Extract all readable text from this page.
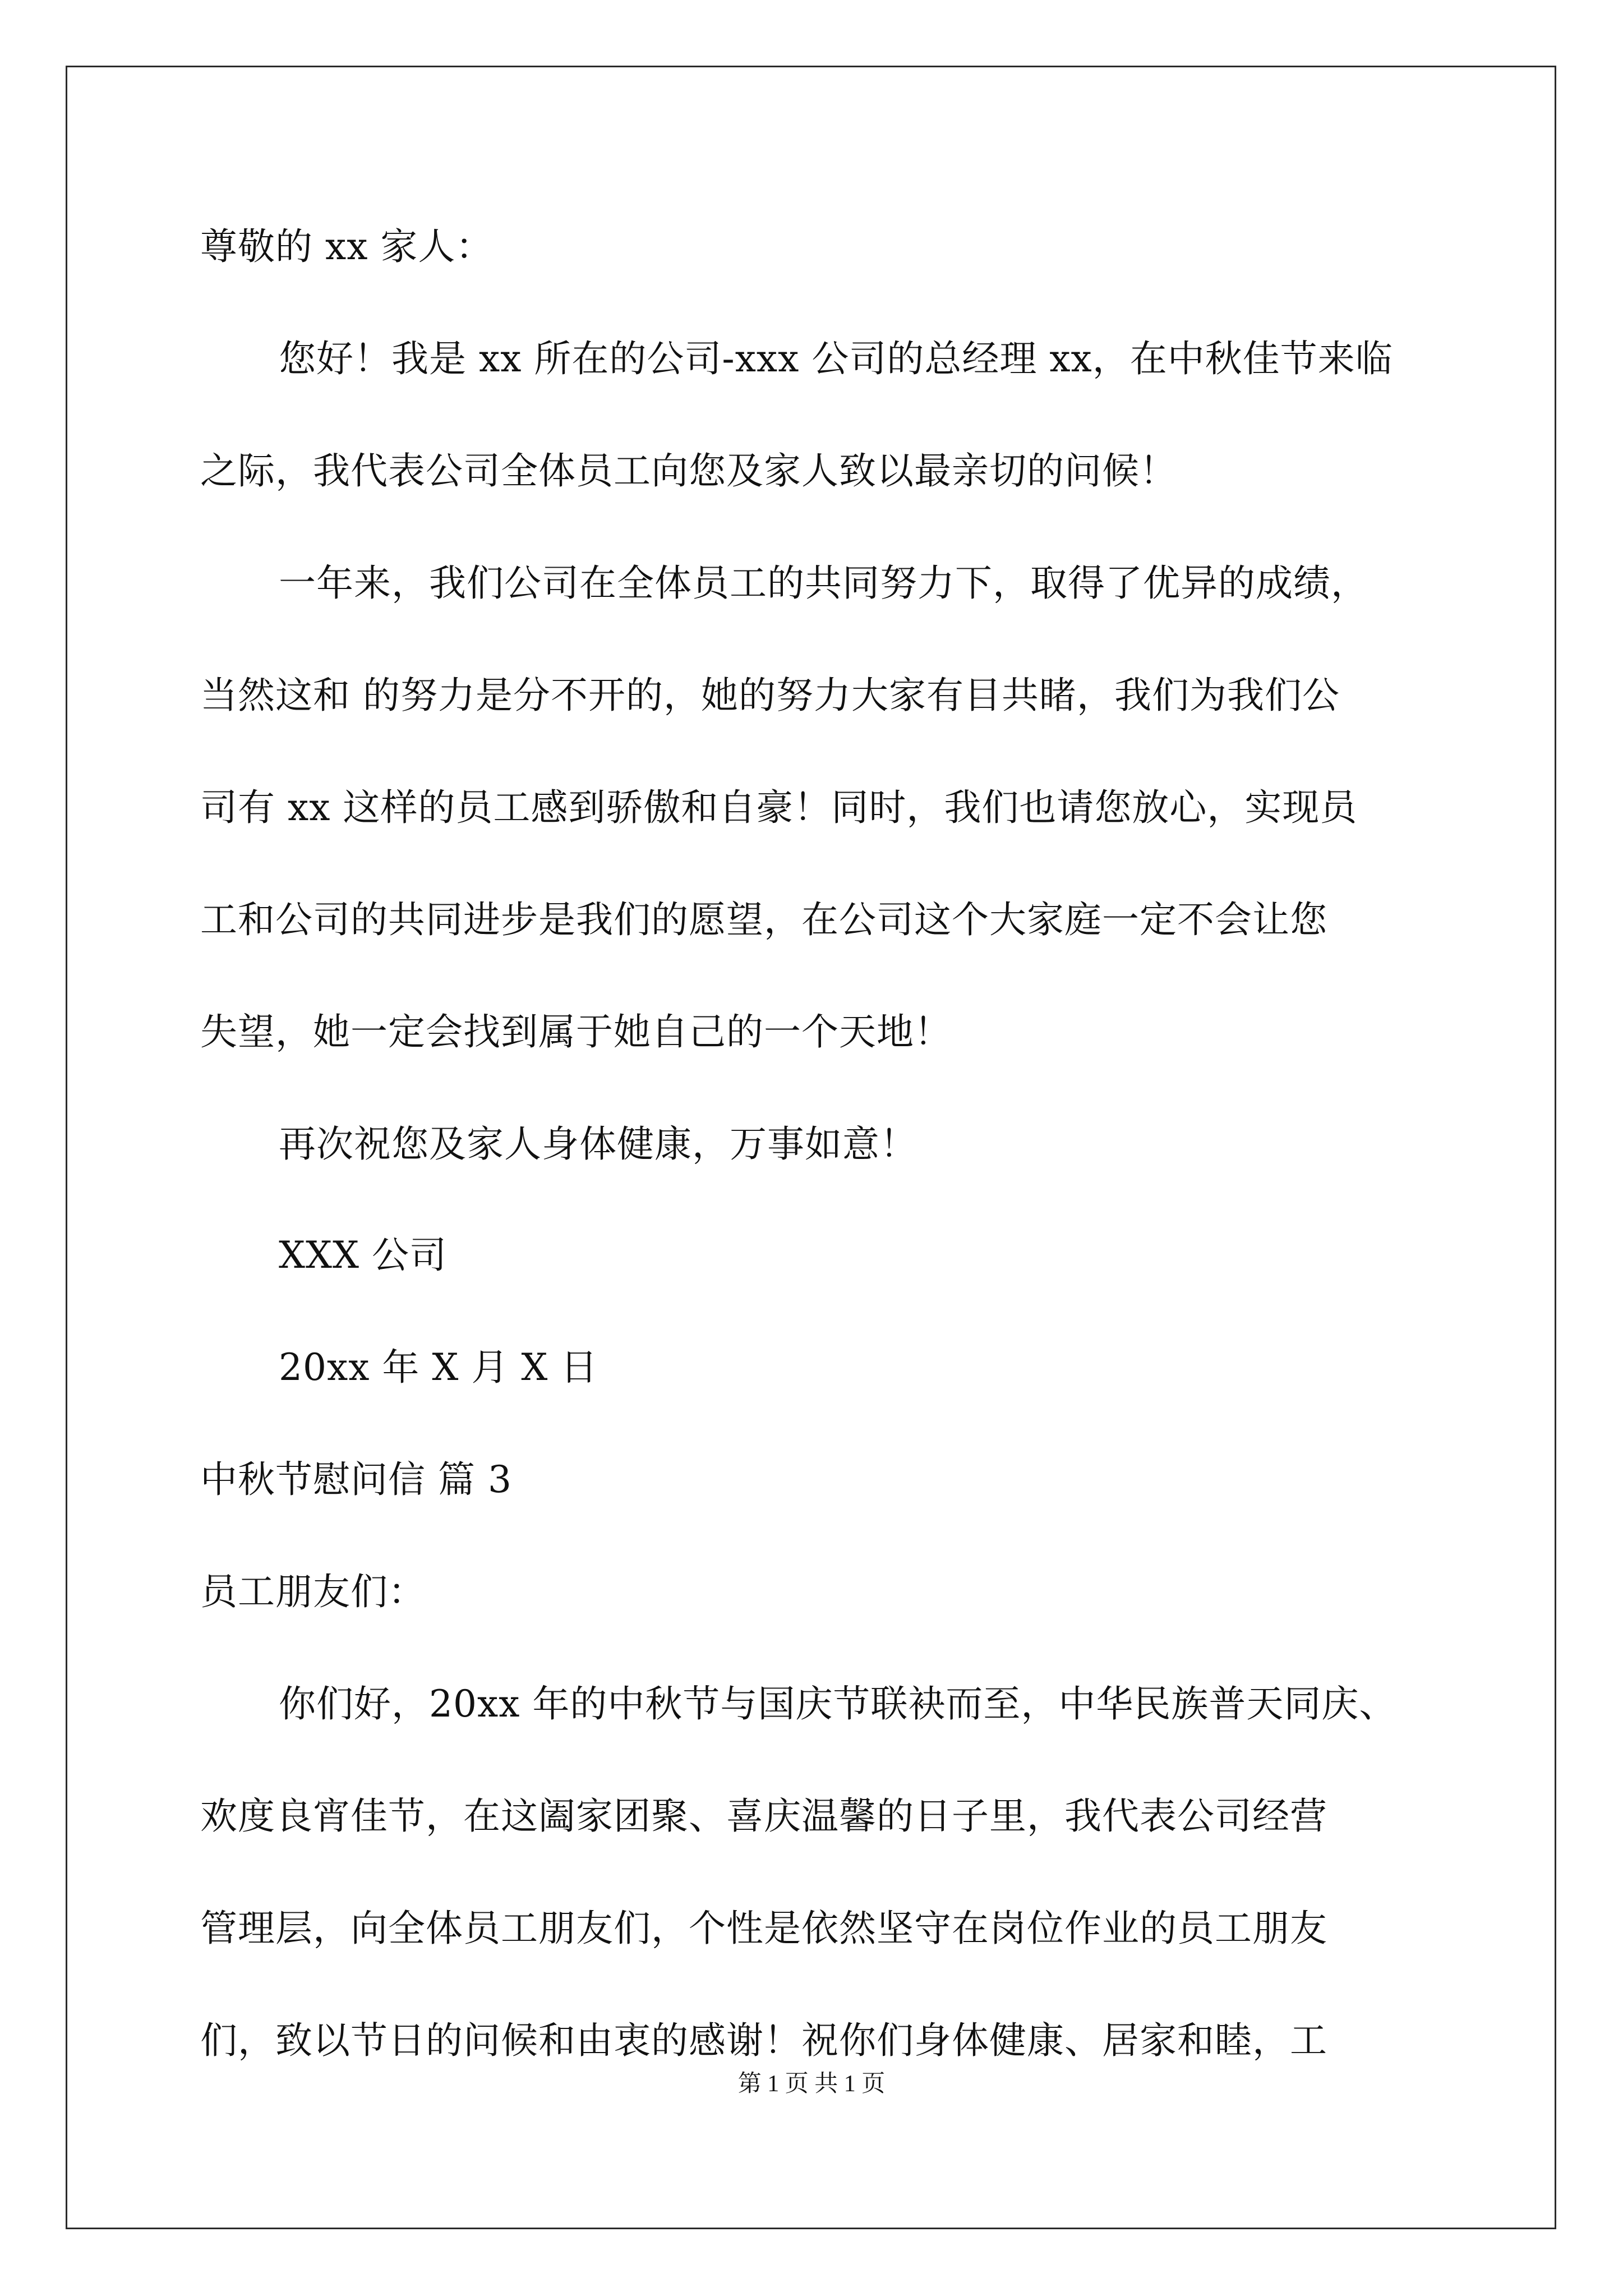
尊敬的 xx 家人：
您好！我是 xx 所在的公司-xxx 公司的总经理 xx，在中秋佳节来临
之际，我代表公司全体员工向您及家人致以最亲切的问候！
一年来，我们公司在全体员工的共同努力下，取得了优异的成绩，
当然这和 的努力是分不开的，她的努力大家有目共睹，我们为我们公
司有 xx 这样的员工感到骄傲和自豪！同时，我们也请您放心，实现员
工和公司的共同进步是我们的愿望，在公司这个大家庭一定不会让您
失望，她一定会找到属于她自己的一个天地！
再次祝您及家人身体健康，万事如意！
XXX 公司
20xx 年 X 月 X 日
中秋节慰问信 篇 3
员工朋友们：
你们好，20xx 年的中秋节与国庆节联袂而至，中华民族普天同庆、
欢度良宵佳节，在这阖家团聚、喜庆温馨的日子里，我代表公司经营
管理层，向全体员工朋友们，个性是依然坚守在岗位作业的员工朋友
们，致以节日的问候和由衷的感谢！祝你们身体健康、居家和睦，工
第 1 页 共 1 页
